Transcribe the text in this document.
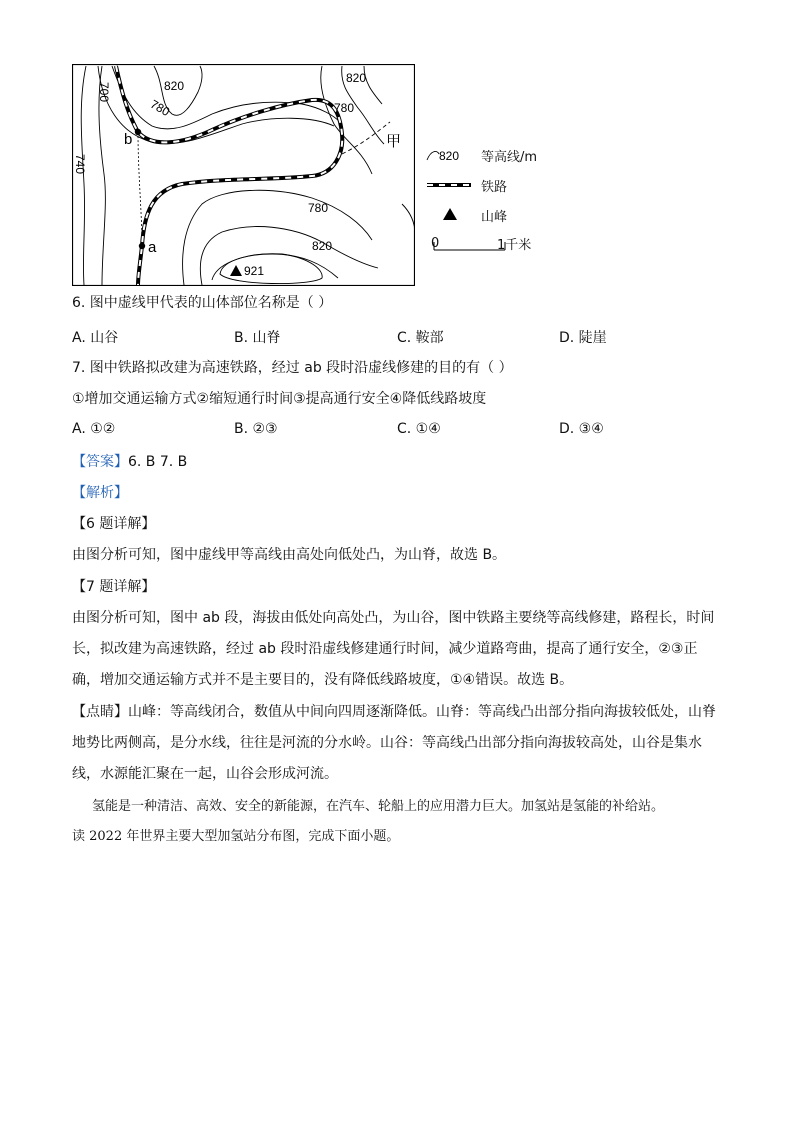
820
700
780
740
820
780
780
820
921
b
a
甲
820 等高线/m
铁路
山峰
0	1千米
6. 图中虚线甲代表的山体部位名称是（ ）
A. 山谷	B. 山脊	C. 鞍部	D. 陡崖
7. 图中铁路拟改建为高速铁路，经过 ab 段时沿虚线修建的目的有（ ）
①增加交通运输方式②缩短通行时间③提高通行安全④降低线路坡度
A. ①②	B. ②③	C. ①④	D. ③④
【答案】6. B 7. B
【解析】
【6 题详解】
由图分析可知，图中虚线甲等高线由高处向低处凸，为山脊，故选 B。
【7 题详解】
由图分析可知，图中 ab 段，海拔由低处向高处凸，为山谷，图中铁路主要绕等高线修建，路程长，时间
长，拟改建为高速铁路，经过 ab 段时沿虚线修建通行时间，减少道路弯曲，提高了通行安全，②③正
确，增加交通运输方式并不是主要目的，没有降低线路坡度，①④错误。故选 B。
【点睛】山峰：等高线闭合，数值从中间向四周逐渐降低。山脊：等高线凸出部分指向海拔较低处，山脊
地势比两侧高，是分水线，往往是河流的分水岭。山谷：等高线凸出部分指向海拔较高处，山谷是集水
线，水源能汇聚在一起，山谷会形成河流。
氢能是一种清洁、高效、安全的新能源，在汽车、轮船上的应用潜力巨大。加氢站是氢能的补给站。
读 2022 年世界主要大型加氢站分布图，完成下面小题。
